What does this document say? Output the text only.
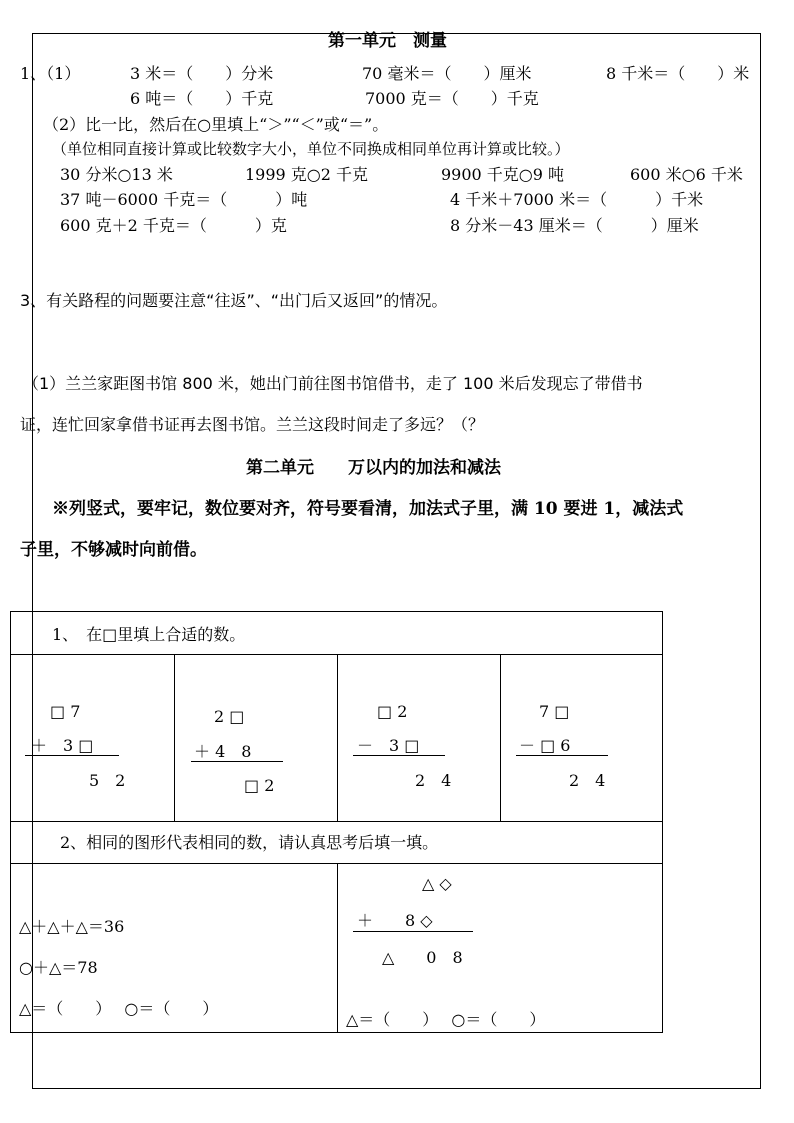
第一单元　测量
1、（1）	3 米＝（　　）分米	70 毫米＝（　　）厘米	8 千米＝（　　）米
6 吨＝（　　）千克	7000 克＝（　　）千克
（2）比一比，然后在○里填上“＞”“＜”或“＝”。
（单位相同直接计算或比较数字大小，单位不同换成相同单位再计算或比较。）
30 分米○13 米	1999 克○2 千克	9900 千克○9 吨	600 米○6 千米
37 吨－6000 千克＝（　　　）吨	4 千米＋7000 米＝（　　　）千米
600 克＋2 千克＝（　　　）克	8 分米－43 厘米＝（　　　）厘米
3、有关路程的问题要注意“往返”、“出门后又返回”的情况。
（1）兰兰家距图书馆 800 米，她出门前往图书馆借书，走了 100 米后发现忘了带借书
证，连忙回家拿借书证再去图书馆。兰兰这段时间走了多远？（？
第二单元　　万以内的加法和减法
※列竖式，要牢记，数位要对齐，符号要看清，加法式子里，满 10 要进 1，减法式
子里，不够减时向前借。
1、　在□里填上合适的数。
□ 7
＋　3 □
5　2
2 □
＋ 4　8
□ 2
□ 2
－　3 □
2　4
7 □
－ □ 6
2　4
2、相同的图形代表相同的数，请认真思考后填一填。
△＋△＋△＝36
○＋△＝78
△＝（　　）　 ○＝（　　）
△ ◇
＋　　8 ◇
△　　0　8
△＝（　　）　 ○＝（　　）
